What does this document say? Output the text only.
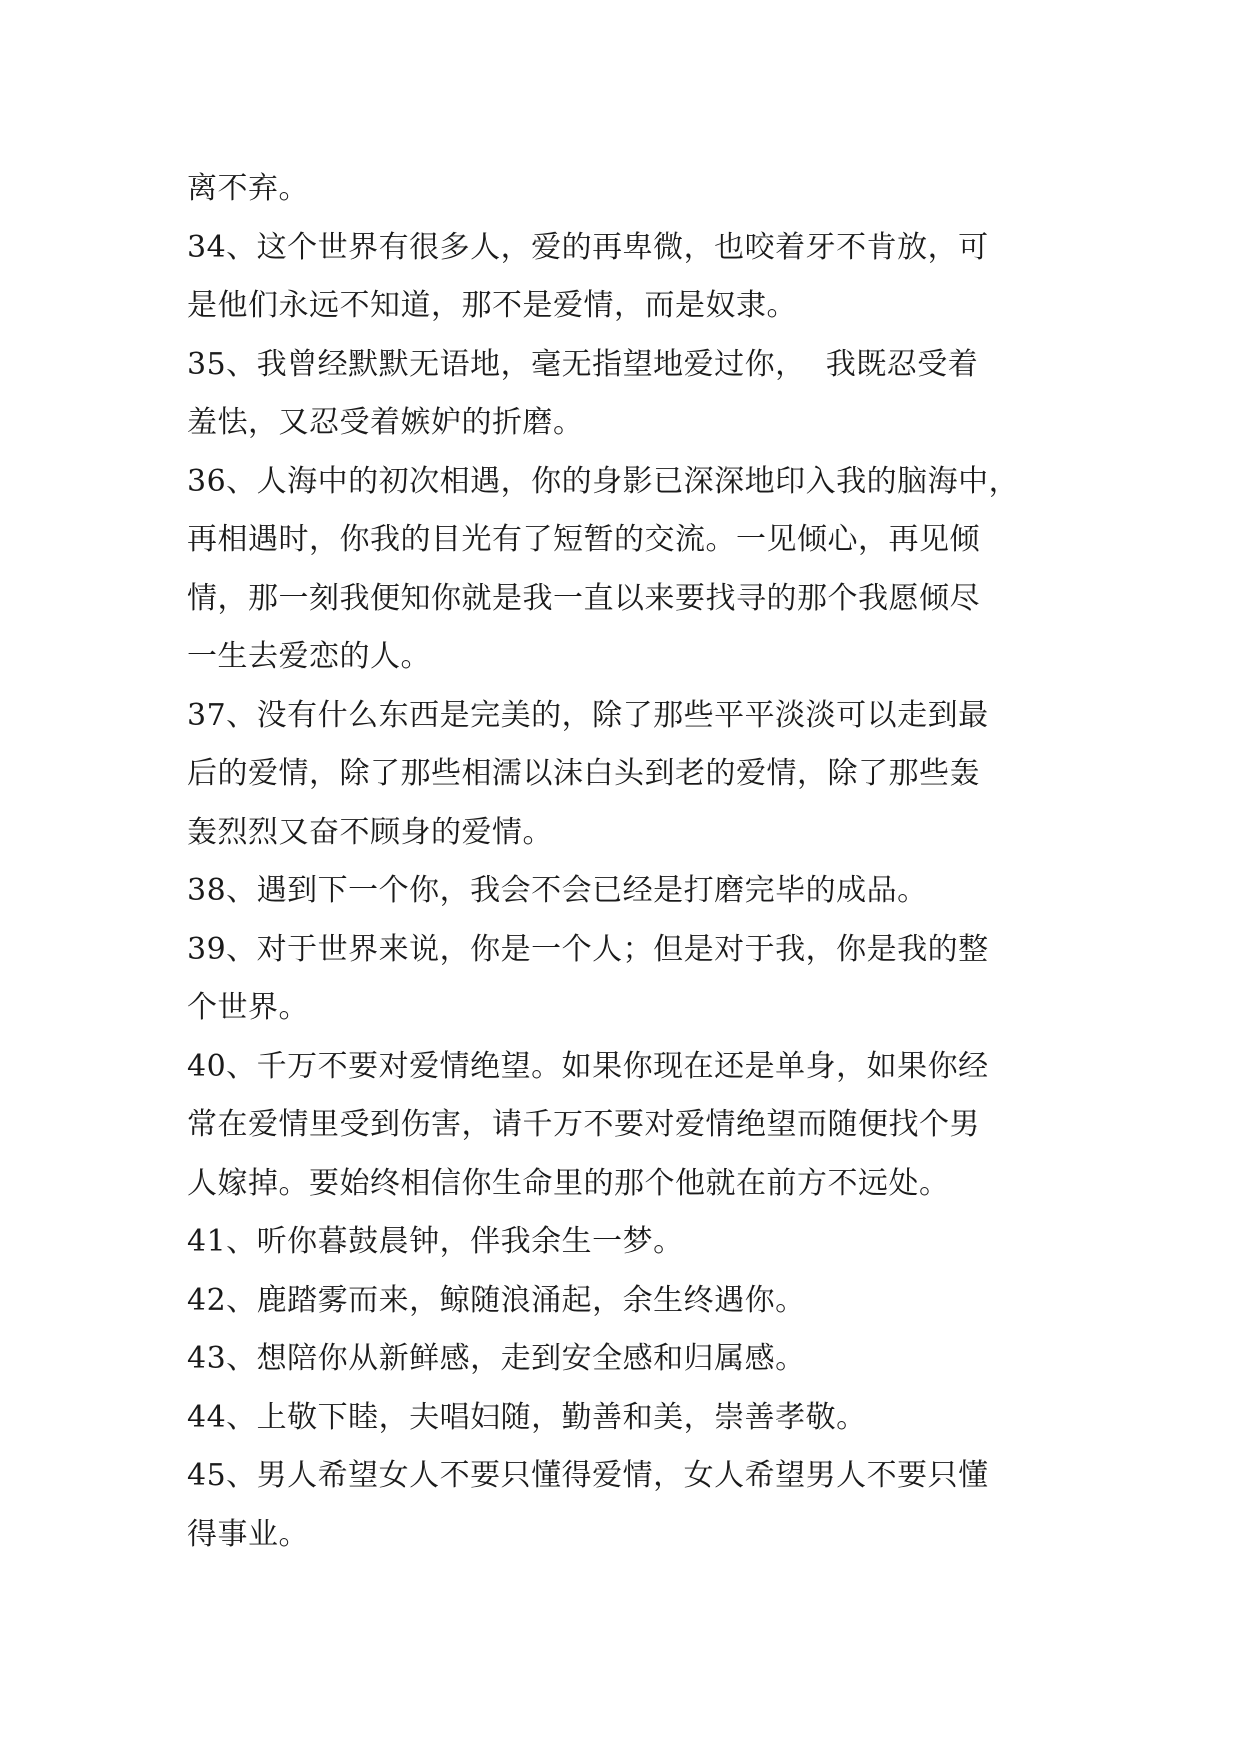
离不弃。
34、这个世界有很多人，爱的再卑微，也咬着牙不肯放，可
是他们永远不知道，那不是爱情，而是奴隶。
35、我曾经默默无语地，毫无指望地爱过你，  我既忍受着
羞怯，又忍受着嫉妒的折磨。
36、人海中的初次相遇，你的身影已深深地印入我的脑海中，
再相遇时，你我的目光有了短暂的交流。一见倾心，再见倾
情，那一刻我便知你就是我一直以来要找寻的那个我愿倾尽
一生去爱恋的人。
37、没有什么东西是完美的，除了那些平平淡淡可以走到最
后的爱情，除了那些相濡以沫白头到老的爱情，除了那些轰
轰烈烈又奋不顾身的爱情。
38、遇到下一个你，我会不会已经是打磨完毕的成品。
39、对于世界来说，你是一个人；但是对于我，你是我的整
个世界。
40、千万不要对爱情绝望。如果你现在还是单身，如果你经
常在爱情里受到伤害，请千万不要对爱情绝望而随便找个男
人嫁掉。要始终相信你生命里的那个他就在前方不远处。
41、听你暮鼓晨钟，伴我余生一梦。
42、鹿踏雾而来，鲸随浪涌起，余生终遇你。
43、想陪你从新鲜感，走到安全感和归属感。
44、上敬下睦，夫唱妇随，勤善和美，崇善孝敬。
45、男人希望女人不要只懂得爱情，女人希望男人不要只懂
得事业。
